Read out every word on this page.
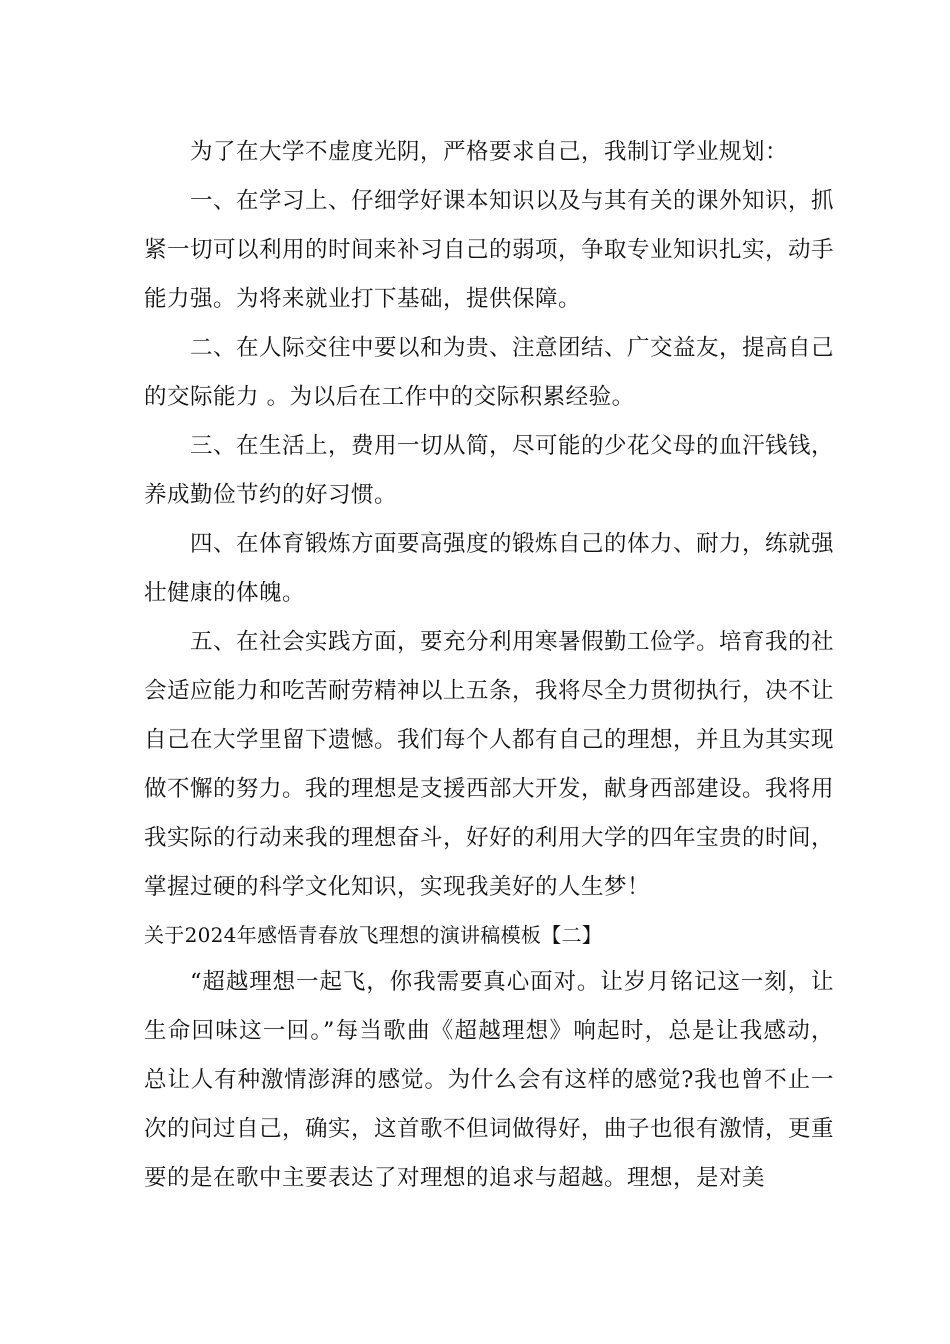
为了在大学不虚度光阴，严格要求自己，我制订学业规划：

一、在学习上、仔细学好课本知识以及与其有关的课外知识，抓紧一切可以利用的时间来补习自己的弱项，争取专业知识扎实，动手能力强。为将来就业打下基础，提供保障。

二、在人际交往中要以和为贵、注意团结、广交益友，提高自己的交际能力 。为以后在工作中的交际积累经验。

三、在生活上，费用一切从简，尽可能的少花父母的血汗钱钱，养成勤俭节约的好习惯。

四、在体育锻炼方面要高强度的锻炼自己的体力、耐力，练就强壮健康的体魄。

五、在社会实践方面，要充分利用寒暑假勤工俭学。培育我的社会适应能力和吃苦耐劳精神以上五条，我将尽全力贯彻执行，决不让自己在大学里留下遗憾。我们每个人都有自己的理想，并且为其实现做不懈的努力。我的理想是支援西部大开发，献身西部建设。我将用我实际的行动来我的理想奋斗，好好的利用大学的四年宝贵的时间，掌握过硬的科学文化知识，实现我美好的人生梦！

关于2024年感悟青春放飞理想的演讲稿模板【二】

“超越理想一起飞，你我需要真心面对。让岁月铭记这一刻，让生命回味这一回。”每当歌曲《超越理想》响起时，总是让我感动，总让人有种激情澎湃的感觉。为什么会有这样的感觉?我也曾不止一次的问过自己，确实，这首歌不但词做得好，曲子也很有激情，更重要的是在歌中主要表达了对理想的追求与超越。理想，是对美
